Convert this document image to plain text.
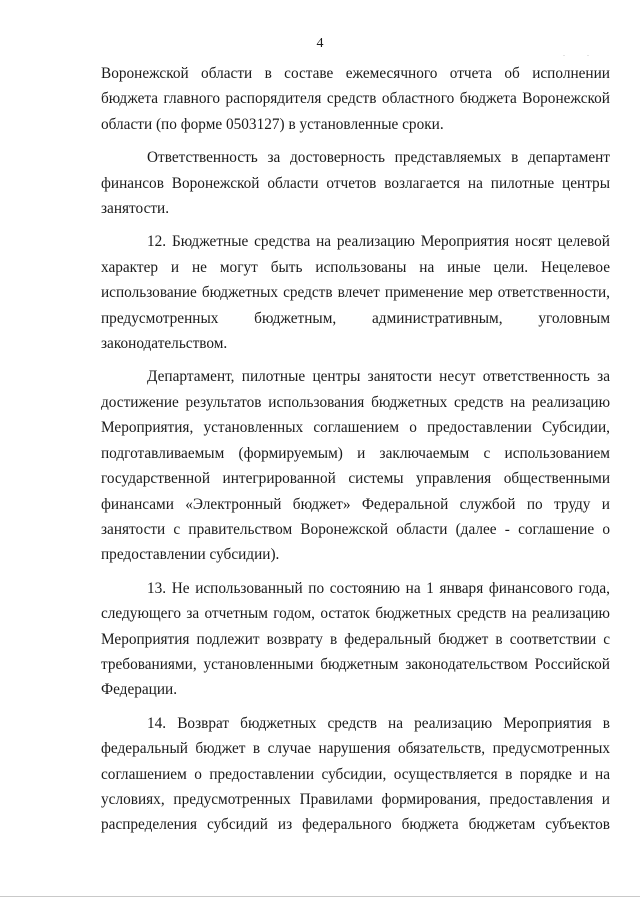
4
. .
Воронежской области в составе ежемесячного отчета об исполнении
бюджета главного распорядителя средств областного бюджета Воронежской
области (по форме 0503127) в установленные сроки.
Ответственность за достоверность представляемых в департамент
финансов Воронежской области отчетов возлагается на пилотные центры
занятости.
12. Бюджетные средства на реализацию Мероприятия носят целевой
характер и не могут быть использованы на иные цели. Нецелевое
использование бюджетных средств влечет применение мер ответственности,
предусмотренных бюджетным, административным, уголовным
законодательством.
Департамент, пилотные центры занятости несут ответственность за
достижение результатов использования бюджетных средств на реализацию
Мероприятия, установленных соглашением о предоставлении Субсидии,
подготавливаемым (формируемым) и заключаемым с использованием
государственной интегрированной системы управления общественными
финансами «Электронный бюджет» Федеральной службой по труду и
занятости с правительством Воронежской области (далее - соглашение о
предоставлении субсидии).
13. Не использованный по состоянию на 1 января финансового года,
следующего за отчетным годом, остаток бюджетных средств на реализацию
Мероприятия подлежит возврату в федеральный бюджет в соответствии с
требованиями, установленными бюджетным законодательством Российской
Федерации.
14. Возврат бюджетных средств на реализацию Мероприятия в
федеральный бюджет в случае нарушения обязательств, предусмотренных
соглашением о предоставлении субсидии, осуществляется в порядке и на
условиях, предусмотренных Правилами формирования, предоставления и
распределения субсидий из федерального бюджета бюджетам субъектов
